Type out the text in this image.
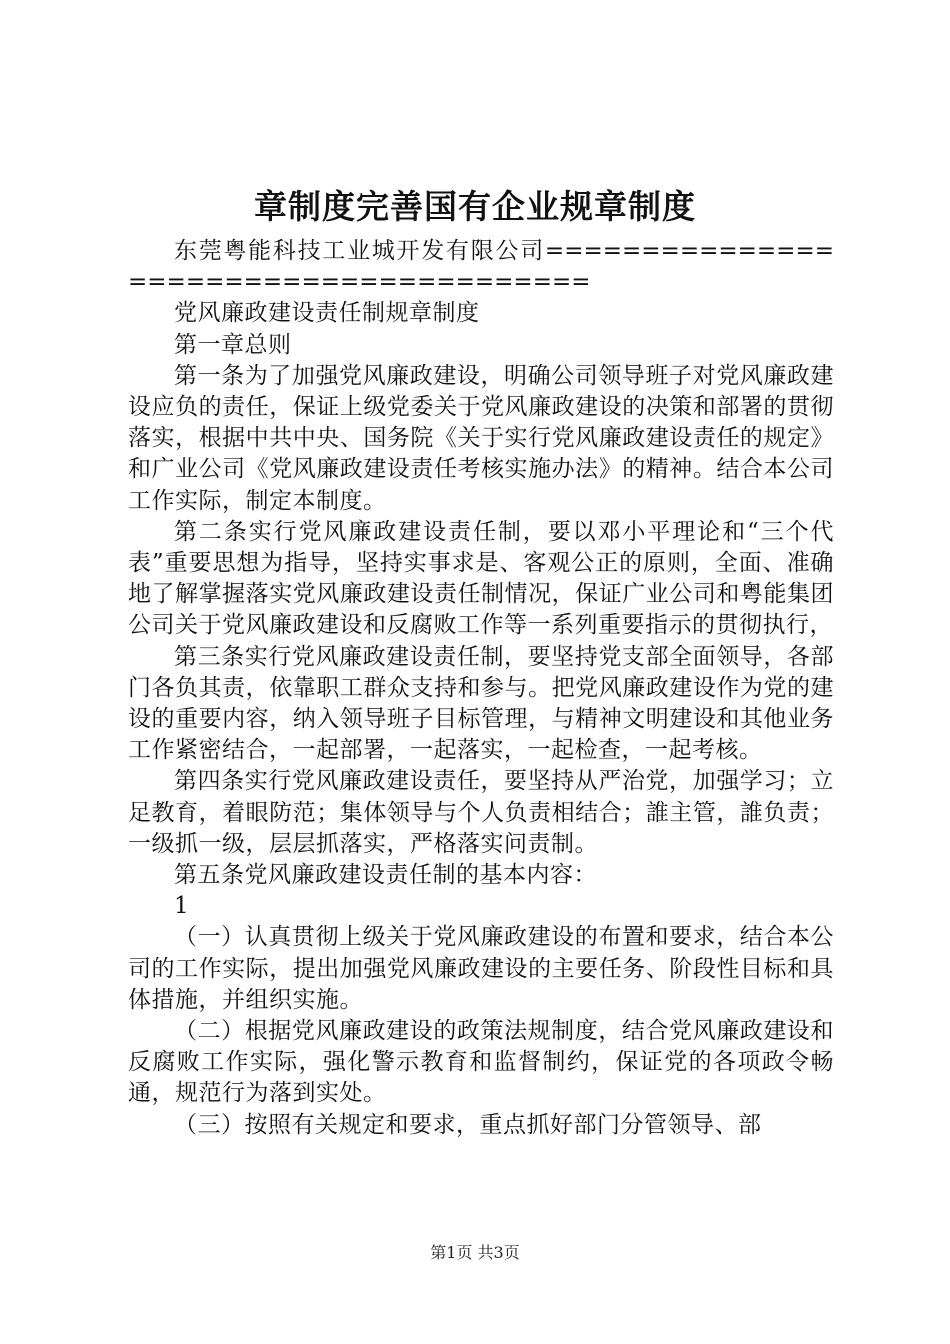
章制度完善国有企业规章制度

东莞粤能科技工业城开发有限公司=======================================

党风廉政建设责任制规章制度

第一章总则

第一条为了加强党风廉政建设，明确公司领导班子对党风廉政建设应负的责任，保证上级党委关于党风廉政建设的决策和部署的贯彻落实，根据中共中央、国务院《关于实行党风廉政建设责任的规定》和广业公司《党风廉政建设责任考核实施办法》的精神。结合本公司工作实际，制定本制度。

第二条实行党风廉政建设责任制，要以邓小平理论和“三个代表”重要思想为指导，坚持实事求是、客观公正的原则，全面、准确地了解掌握落实党风廉政建设责任制情况，保证广业公司和粤能集团公司关于党风廉政建设和反腐败工作等一系列重要指示的贯彻执行，

第三条实行党风廉政建设责任制，要坚持党支部全面领导，各部门各负其责，依靠职工群众支持和参与。把党风廉政建设作为党的建设的重要内容，纳入领导班子目标管理，与精神文明建设和其他业务工作紧密结合，一起部署，一起落实，一起检查，一起考核。

第四条实行党风廉政建设责任，要坚持从严治党，加强学习；立足教育，着眼防范；集体领导与个人负责相结合；誰主管，誰负责；一级抓一级，层层抓落实，严格落实问责制。

第五条党风廉政建设责任制的基本内容：

1

（一）认真贯彻上级关于党风廉政建设的布置和要求，结合本公司的工作实际，提出加强党风廉政建设的主要任务、阶段性目标和具体措施，并组织实施。

（二）根据党风廉政建设的政策法规制度，结合党风廉政建设和反腐败工作实际，强化警示教育和监督制约，保证党的各项政令畅通，规范行为落到实处。

（三）按照有关规定和要求，重点抓好部门分管领导、部

第1页 共3页
